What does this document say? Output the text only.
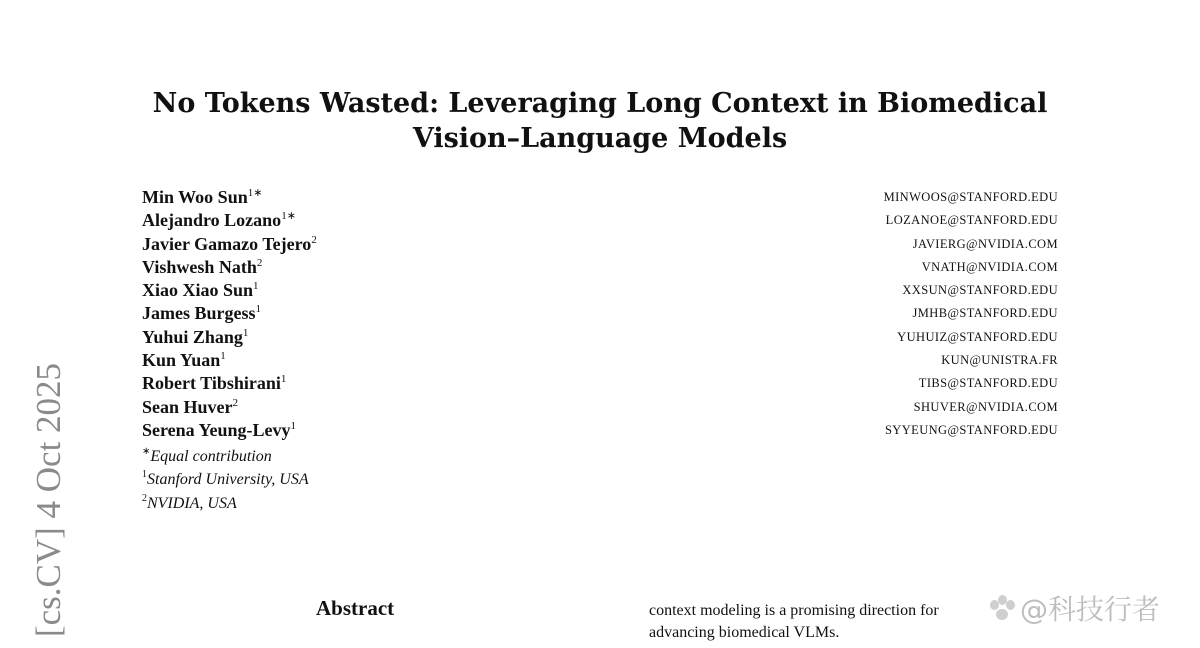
No Tokens Wasted: Leveraging Long Context in Biomedical
Vision–Language Models
[cs.CV] 4 Oct 2025
Min Woo Sun$^{1∗}$
Alejandro Lozano$^{1∗}$
Javier Gamazo Tejero$^2$
Vishwesh Nath$^2$
Xiao Xiao Sun$^1$
James Burgess$^1$
Yuhui Zhang$^1$
Kun Yuan$^1$
Robert Tibshirani$^1$
Sean Huver$^2$
Serena Yeung-Levy$^1$
MINWOOS@STANFORD.EDU
LOZANOE@STANFORD.EDU
JAVIERG@NVIDIA.COM
VNATH@NVIDIA.COM
XXSUN@STANFORD.EDU
JMHB@STANFORD.EDU
YUHUIZ@STANFORD.EDU
KUN@UNISTRA.FR
TIBS@STANFORD.EDU
SHUVER@NVIDIA.COM
SYYEUNG@STANFORD.EDU
∗Equal contribution
$^1$Stanford University, USA
$^2$NVIDIA, USA
Abstract	context modeling is a promising direction for
advancing biomedical VLMs.
@科技行者
